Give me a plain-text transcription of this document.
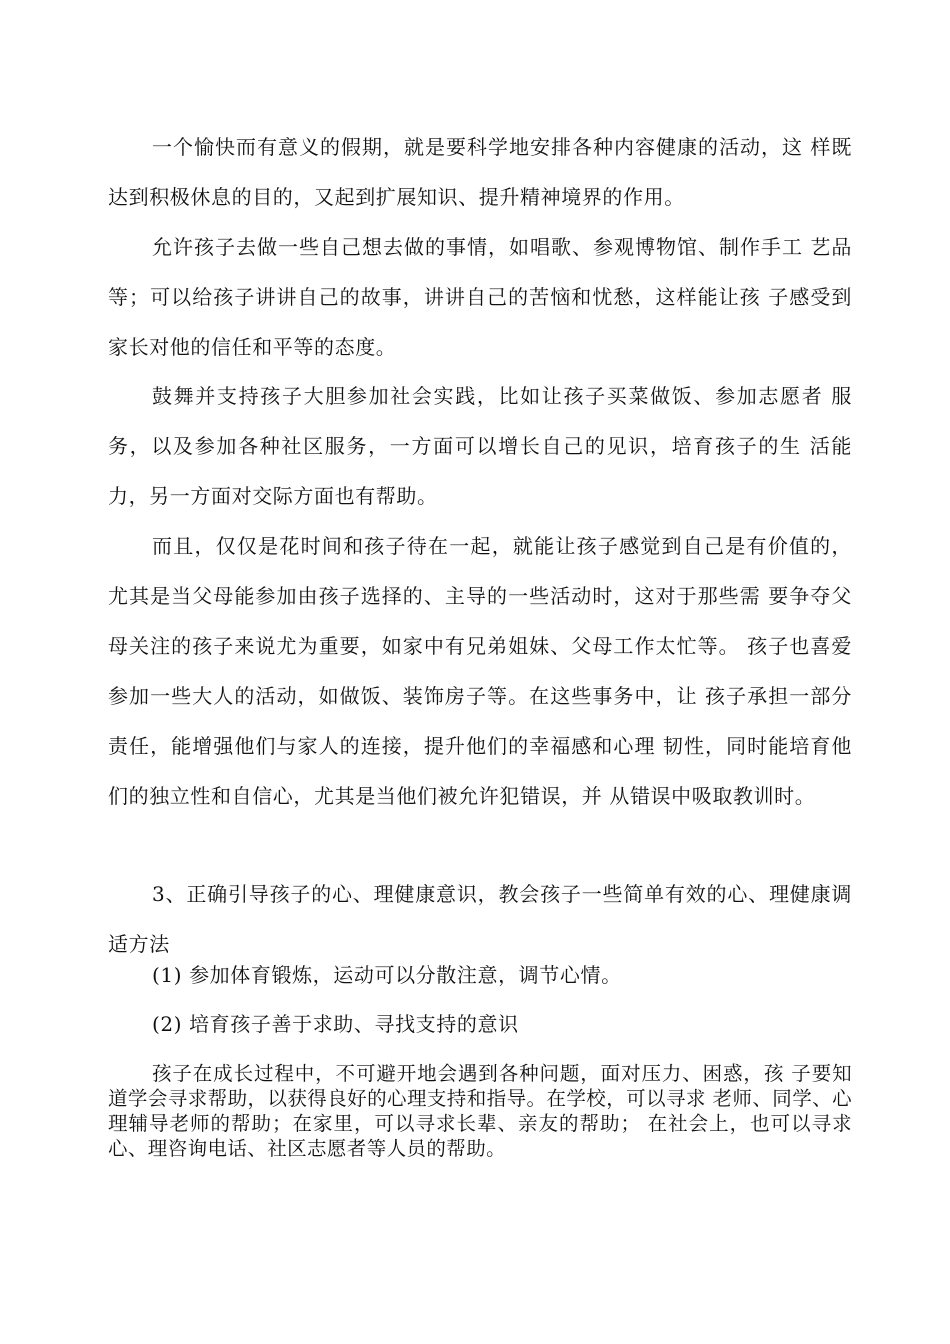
一个愉快而有意义的假期，就是要科学地安排各种内容健康的活动，这 样既达到积极休息的目的，又起到扩展知识、提升精神境界的作用。

允许孩子去做一些自己想去做的事情，如唱歌、参观博物馆、制作手工 艺品等；可以给孩子讲讲自己的故事，讲讲自己的苦恼和忧愁，这样能让孩 子感受到家长对他的信任和平等的态度。

鼓舞并支持孩子大胆参加社会实践，比如让孩子买菜做饭、参加志愿者 服务，以及参加各种社区服务，一方面可以增长自己的见识，培育孩子的生 活能力，另一方面对交际方面也有帮助。

而且，仅仅是花时间和孩子待在一起，就能让孩子感觉到自己是有价值的，尤其是当父母能参加由孩子选择的、主导的一些活动时，这对于那些需 要争夺父母关注的孩子来说尤为重要，如家中有兄弟姐妹、父母工作太忙等。 孩子也喜爱参加一些大人的活动，如做饭、装饰房子等。在这些事务中，让 孩子承担一部分责任，能增强他们与家人的连接，提升他们的幸福感和心理 韧性，同时能培育他们的独立性和自信心，尤其是当他们被允许犯错误，并 从错误中吸取教训时。

3、正确引导孩子的心、理健康意识，教会孩子一些简单有效的心、理健康调适方法

(1) 参加体育锻炼，运动可以分散注意，调节心情。

(2) 培育孩子善于求助、寻找支持的意识

孩子在成长过程中，不可避开地会遇到各种问题，面对压力、困惑，孩 子要知道学会寻求帮助，以获得良好的心理支持和指导。在学校，可以寻求 老师、同学、心理辅导老师的帮助；在家里，可以寻求长辈、亲友的帮助； 在社会上，也可以寻求心、理咨询电话、社区志愿者等人员的帮助。
